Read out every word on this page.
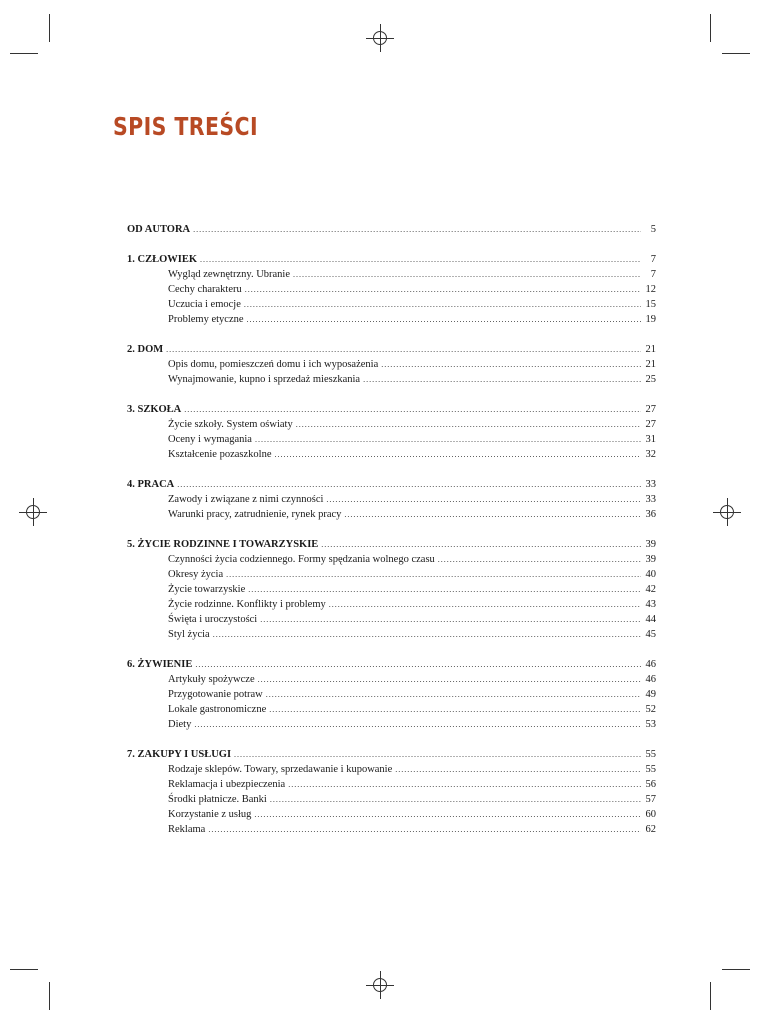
SPIS TREŚCI
OD AUTORA .....	5
1. CZŁOWIEK .....	7
Wygląd zewnętrzny. Ubranie .....	7
Cechy charakteru .....	12
Uczucia i emocje .....	15
Problemy etyczne .....	19
2. DOM .....	21
Opis domu, pomieszczeń domu i ich wyposażenia .....	21
Wynajmowanie, kupno i sprzedaż mieszkania .....	25
3. SZKOŁA .....	27
Życie szkoły. System oświaty .....	27
Oceny i wymagania .....	31
Kształcenie pozaszkolne .....	32
4. PRACA .....	33
Zawody i związane z nimi czynności .....	33
Warunki pracy, zatrudnienie, rynek pracy .....	36
5. ŻYCIE RODZINNE I TOWARZYSKIE .....	39
Czynności życia codziennego. Formy spędzania wolnego czasu .....	39
Okresy życia .....	40
Życie towarzyskie .....	42
Życie rodzinne. Konflikty i problemy .....	43
Święta i uroczystości .....	44
Styl życia .....	45
6. ŻYWIENIE .....	46
Artykuły spożywcze .....	46
Przygotowanie potraw .....	49
Lokale gastronomiczne .....	52
Diety .....	53
7. ZAKUPY I USŁUGI .....	55
Rodzaje sklepów. Towary, sprzedawanie i kupowanie .....	55
Reklamacja i ubezpieczenia .....	56
Środki płatnicze. Banki .....	57
Korzystanie z usług .....	60
Reklama .....	62
